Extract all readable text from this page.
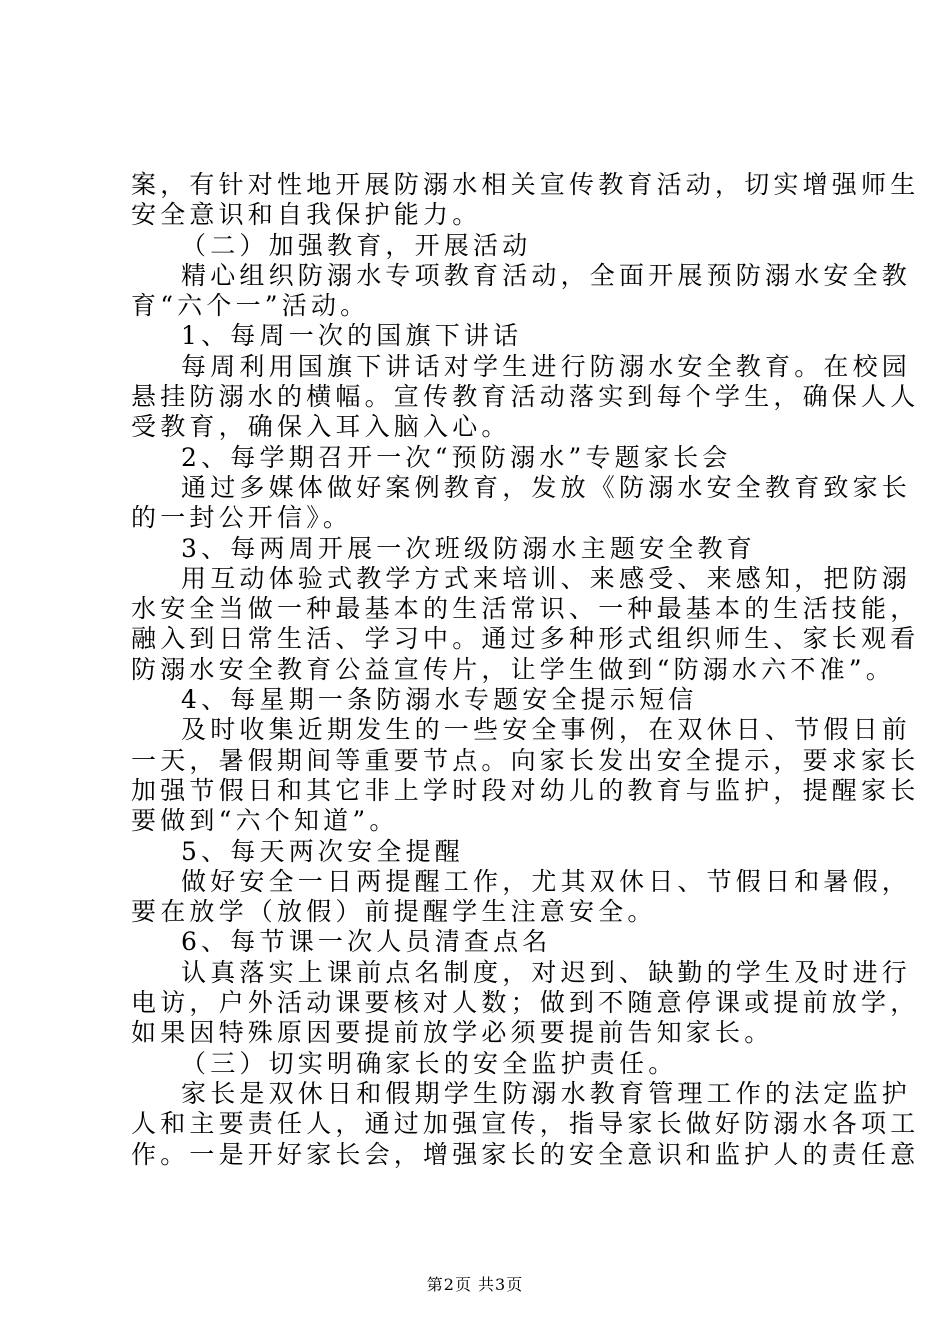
案，有针对性地开展防溺水相关宣传教育活动，切实增强师生
安全意识和自我保护能力。
（二）加强教育，开展活动
精心组织防溺水专项教育活动，全面开展预防溺水安全教
育“六个一”活动。
1、每周一次的国旗下讲话
每周利用国旗下讲话对学生进行防溺水安全教育。在校园
悬挂防溺水的横幅。宣传教育活动落实到每个学生，确保人人
受教育，确保入耳入脑入心。
2、每学期召开一次“预防溺水”专题家长会
通过多媒体做好案例教育，发放《防溺水安全教育致家长
的一封公开信》。
3、每两周开展一次班级防溺水主题安全教育
用互动体验式教学方式来培训、来感受、来感知，把防溺
水安全当做一种最基本的生活常识、一种最基本的生活技能，
融入到日常生活、学习中。通过多种形式组织师生、家长观看
防溺水安全教育公益宣传片，让学生做到“防溺水六不准”。
4、每星期一条防溺水专题安全提示短信
及时收集近期发生的一些安全事例，在双休日、节假日前
一天，暑假期间等重要节点。向家长发出安全提示，要求家长
加强节假日和其它非上学时段对幼儿的教育与监护，提醒家长
要做到“六个知道”。
5、每天两次安全提醒
做好安全一日两提醒工作，尤其双休日、节假日和暑假，
要在放学（放假）前提醒学生注意安全。
6、每节课一次人员清查点名
认真落实上课前点名制度，对迟到、缺勤的学生及时进行
电访，户外活动课要核对人数；做到不随意停课或提前放学，
如果因特殊原因要提前放学必须要提前告知家长。
（三）切实明确家长的安全监护责任。
家长是双休日和假期学生防溺水教育管理工作的法定监护
人和主要责任人，通过加强宣传，指导家长做好防溺水各项工
作。一是开好家长会，增强家长的安全意识和监护人的责任意
第2页 共3页
